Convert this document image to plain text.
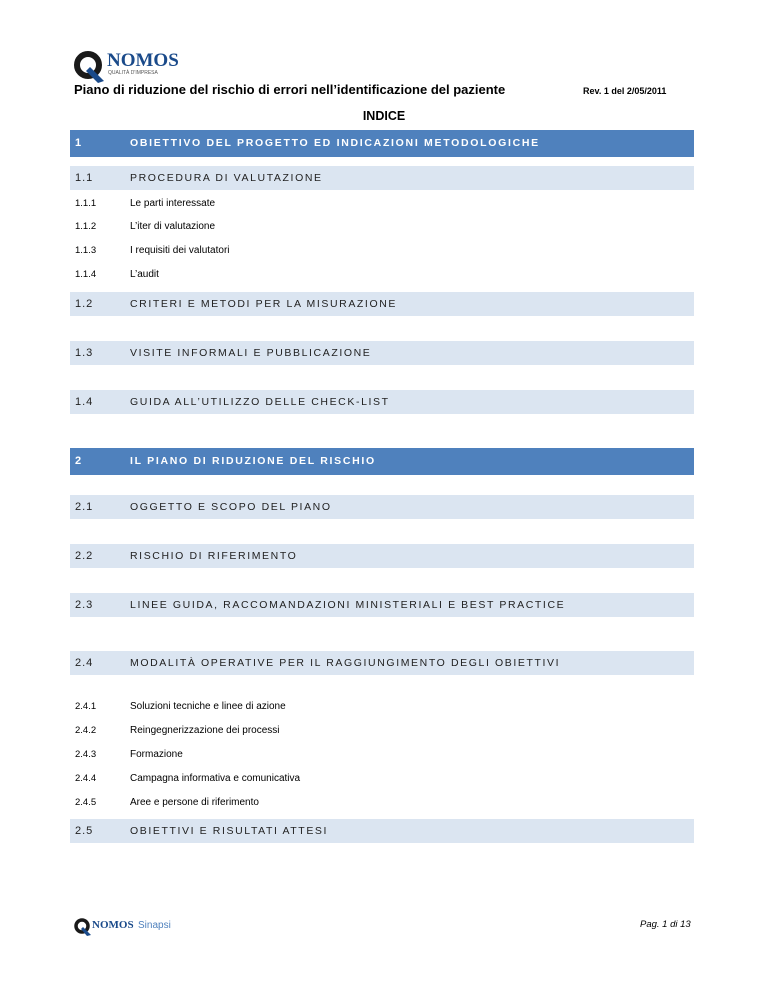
NOMOS
QUALITÀ D'IMPRESA
Piano di riduzione del rischio di errori nell’identificazione del paziente	Rev. 1 del 2/05/2011
INDICE
1	OBIETTIVO DEL PROGETTO ED INDICAZIONI METODOLOGICHE
1.1	PROCEDURA DI VALUTAZIONE
1.1.1	Le parti interessate
1.1.2	L’iter di valutazione
1.1.3	I requisiti dei valutatori
1.1.4	L’audit
1.2	CRITERI E METODI PER LA MISURAZIONE
1.3	VISITE INFORMALI E PUBBLICAZIONE
1.4	GUIDA ALL’UTILIZZO DELLE CHECK-LIST
2	IL PIANO DI RIDUZIONE DEL RISCHIO
2.1	OGGETTO E SCOPO DEL PIANO
2.2	RISCHIO DI RIFERIMENTO
2.3	LINEE GUIDA, RACCOMANDAZIONI MINISTERIALI E BEST PRACTICE
2.4	MODALITÀ OPERATIVE PER IL RAGGIUNGIMENTO DEGLI OBIETTIVI
2.4.1	Soluzioni tecniche e linee di azione
2.4.2	Reingegnerizzazione dei processi
2.4.3	Formazione
2.4.4	Campagna informativa e comunicativa
2.4.5	Aree e persone di riferimento
2.5	OBIETTIVI E RISULTATI ATTESI
NOMOS Sinapsi	Pag. 1 di 13
